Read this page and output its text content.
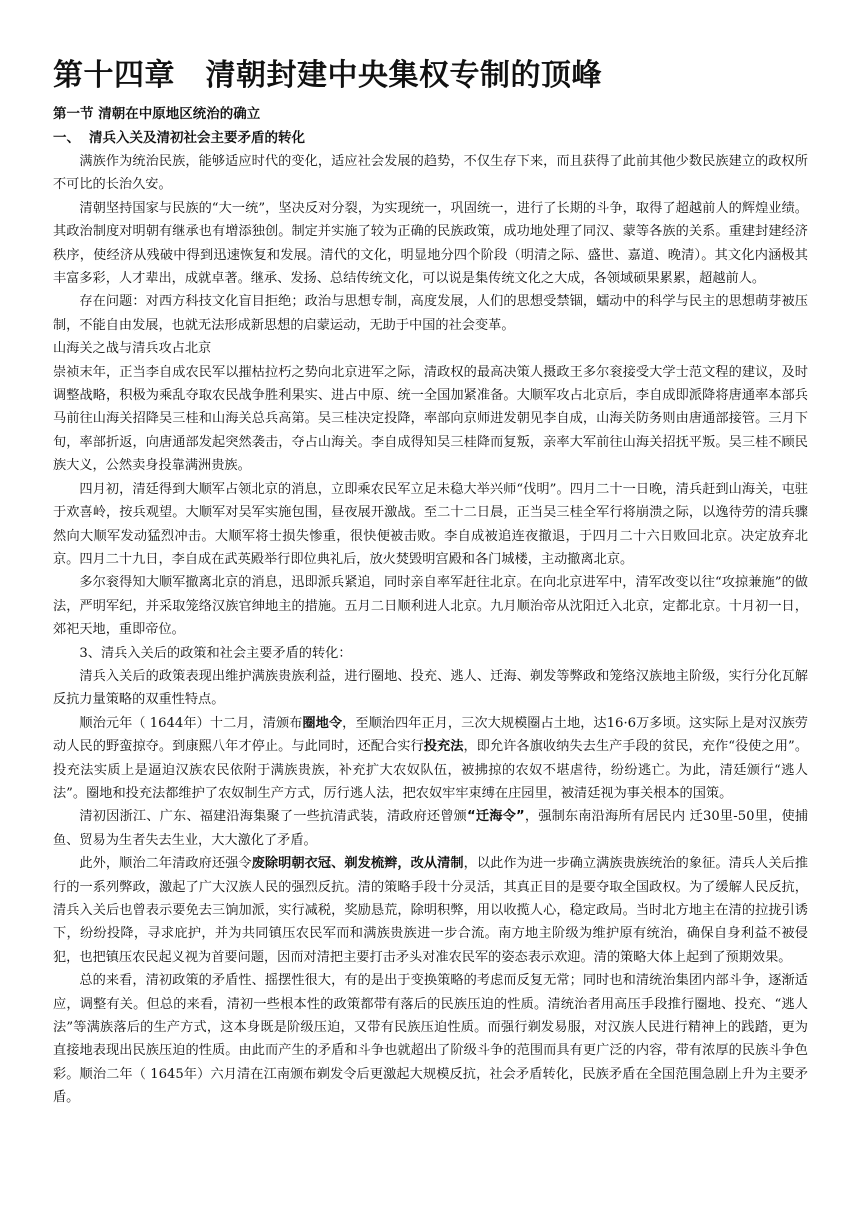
第十四章　清朝封建中央集权专制的顶峰
第一节 清朝在中原地区统治的确立
一、 清兵入关及清初社会主要矛盾的转化

满族作为统治民族，能够适应时代的变化，适应社会发展的趋势，不仅生存下来，而且获得了此前其他少数民族建立的政权所不可比的长治久安。

清朝坚持国家与民族的“大一统”，坚决反对分裂，为实现统一，巩固统一，进行了长期的斗争，取得了超越前人的辉煌业绩。其政治制度对明朝有继承也有增添独创。制定并实施了较为正确的民族政策，成功地处理了同汉、蒙等各族的关系。重建封建经济秩序，使经济从残破中得到迅速恢复和发展。清代的文化，明显地分四个阶段（明清之际、盛世、嘉道、晚清）。其文化内涵极其丰富多彩，人才辈出，成就卓著。继承、发扬、总结传统文化，可以说是集传统文化之大成，各领域硕果累累，超越前人。

存在问题：对西方科技文化盲目拒绝；政治与思想专制，高度发展，人们的思想受禁锢，蠕动中的科学与民主的思想萌芽被压制，不能自由发展，也就无法形成新思想的启蒙运动，无助于中国的社会变革。

山海关之战与清兵攻占北京

崇祯末年，正当李自成农民军以摧枯拉朽之势向北京进军之际，清政权的最高决策人摄政王多尔衮接受大学士范文程的建议，及时调整战略，积极为乘乱夺取农民战争胜利果实、进占中原、统一全国加紧准备。大顺军攻占北京后，李自成即派降将唐通率本部兵马前往山海关招降吴三桂和山海关总兵高第。吴三桂决定投降，率部向京师进发朝见李自成，山海关防务则由唐通部接管。三月下旬，率部折返，向唐通部发起突然袭击，夺占山海关。李自成得知吴三桂降而复叛，亲率大军前往山海关招抚平叛。吴三桂不顾民族大义，公然卖身投靠满洲贵族。

四月初，清廷得到大顺军占领北京的消息，立即乘农民军立足未稳大举兴师“伐明”。四月二十一日晚，清兵赶到山海关，屯驻于欢喜岭，按兵观望。大顺军对吴军实施包围，昼夜展开激战。至二十二日晨，正当吴三桂全军行将崩溃之际，以逸待劳的清兵骤然向大顺军发动猛烈冲击。大顺军将士损失惨重，很快便被击败。李自成被追连夜撤退，于四月二十六日败回北京。决定放弃北京。四月二十九日，李自成在武英殿举行即位典礼后，放火焚毁明宫殿和各门城楼，主动撤离北京。

多尔衮得知大顺军撤离北京的消息，迅即派兵紧追，同时亲自率军赶往北京。在向北京进军中，清军改变以往“攻掠兼施”的做法，严明军纪，并采取笼络汉族官绅地主的措施。五月二日顺利进人北京。九月顺治帝从沈阳迁入北京，定都北京。十月初一日，郊祀天地，重即帝位。

3、清兵入关后的政策和社会主要矛盾的转化：

清兵入关后的政策表现出维护满族贵族利益，进行圈地、投充、逃人、迁海、剃发等弊政和笼络汉族地主阶级，实行分化瓦解反抗力量策略的双重性特点。

顺治元年（ 1644年）十二月，清颁布圈地令，至顺治四年正月，三次大规模圈占土地，达16·6万多顷。这实际上是对汉族劳动人民的野蛮掠夺。到康熙八年才停止。与此同时，还配合实行投充法，即允许各旗收纳失去生产手段的贫民，充作“役使之用”。投充法实质上是逼迫汉族农民依附于满族贵族，补充扩大农奴队伍，被拂掠的农奴不堪虐待，纷纷逃亡。为此，清廷颁行“逃人法”。圈地和投充法都维护了农奴制生产方式，厉行逃人法，把农奴牢牢束缚在庄园里，被清廷视为事关根本的国策。

清初因浙江、广东、福建沿海集聚了一些抗清武装，清政府还曾颁“迁海令”，强制东南沿海所有居民内 迁30里-50里，使捕鱼、贸易为生者失去生业，大大激化了矛盾。

此外，顺治二年清政府还强令废除明朝衣冠、剃发梳辫，改从清制，以此作为进一步确立满族贵族统治的象征。清兵人关后推行的一系列弊政，激起了广大汉族人民的强烈反抗。清的策略手段十分灵活，其真正目的是要夺取全国政权。为了缓解人民反抗，清兵入关后也曾表示要免去三饷加派，实行减税，奖励恳荒，除明积弊，用以收揽人心，稳定政局。当时北方地主在清的拉拢引诱下，纷纷投降，寻求庇护，并为共同镇压农民军而和满族贵族进一步合流。南方地主阶级为维护原有统治，确保自身利益不被侵犯，也把镇压农民起义视为首要问题，因而对清把主要打击矛头对准农民军的姿态表示欢迎。清的策略大体上起到了预期效果。

总的来看，清初政策的矛盾性、摇摆性很大，有的是出于变换策略的考虑而反复无常；同时也和清统治集团内部斗争，逐渐适应，调整有关。但总的来看，清初一些根本性的政策都带有落后的民族压迫的性质。清统治者用高压手段推行圈地、投充、“逃人法”等满族落后的生产方式，这本身既是阶级压迫，又带有民族压迫性质。而强行剃发易服，对汉族人民进行精神上的践踏，更为直接地表现出民族压迫的性质。由此而产生的矛盾和斗争也就超出了阶级斗争的范围而具有更广泛的内容，带有浓厚的民族斗争色彩。顺治二年（ 1645年）六月清在江南颁布剃发令后更激起大规模反抗，社会矛盾转化，民族矛盾在全国范围急剧上升为主要矛盾。
